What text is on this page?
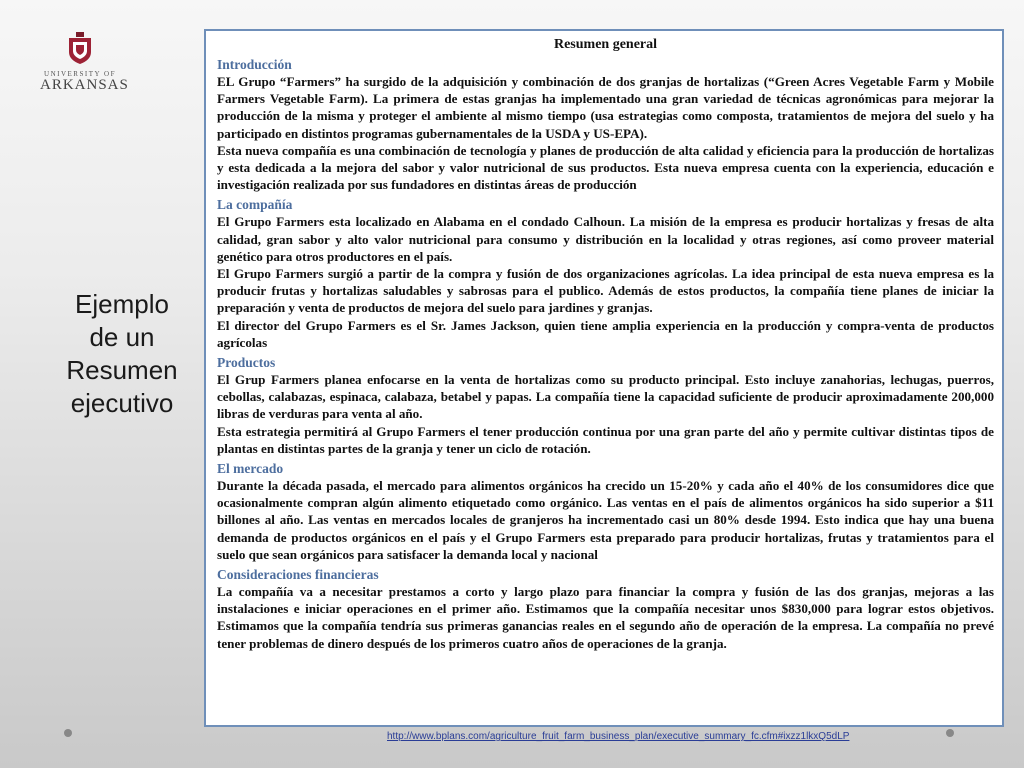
UNIVERSITY OF
ARKANSAS
Ejemplo
de un
Resumen
ejecutivo
Resumen general
Introducción

EL Grupo “Farmers” ha surgido de la adquisición y combinación de dos granjas de hortalizas (“Green Acres Vegetable Farm y Mobile Farmers Vegetable Farm). La primera de estas granjas ha implementado una gran variedad de técnicas agronómicas para mejorar la producción de la misma y proteger el ambiente al mismo tiempo (usa estrategias como composta, tratamientos de mejora del suelo y ha participado en distintos programas gubernamentales de la USDA y US-EPA).

Esta nueva compañía es una combinación de tecnología y planes de producción de alta calidad y eficiencia para la producción de hortalizas y esta dedicada a la mejora del sabor y valor nutricional de sus productos. Esta nueva empresa cuenta con la experiencia, educación e investigación realizada por sus fundadores en distintas áreas de producción

La compañía

El Grupo Farmers esta localizado en Alabama en el condado Calhoun. La misión de la empresa es producir hortalizas y fresas de alta calidad, gran sabor y alto valor nutricional para consumo y distribución en la localidad y otras regiones, así como proveer material genético para otros productores en el país.

El Grupo Farmers surgió a partir de la compra y fusión de dos organizaciones agrícolas. La idea principal de esta nueva empresa es la producir frutas y hortalizas saludables y sabrosas para el publico. Además de estos productos, la compañía tiene planes de iniciar la preparación y venta de productos de mejora del suelo para jardines y granjas.

El director del Grupo Farmers es el Sr. James Jackson, quien tiene amplia experiencia en la producción y compra-venta de productos agrícolas

Productos

El Grup Farmers planea enfocarse en la venta de hortalizas como su producto principal. Esto incluye zanahorias, lechugas, puerros, cebollas, calabazas, espinaca, calabaza, betabel y papas. La compañía tiene la capacidad suficiente de producir aproximadamente 200,000 libras de verduras para venta al año.

Esta estrategia permitirá al Grupo Farmers el tener producción continua por una gran parte del año y permite cultivar distintas tipos de plantas en distintas partes de la granja y tener un ciclo de rotación.

El mercado

Durante la década pasada, el mercado para alimentos orgánicos ha crecido un 15-20% y cada año el 40% de los consumidores dice que ocasionalmente compran algún alimento etiquetado como orgánico. Las ventas en el país de alimentos orgánicos ha sido superior a $11 billones al año. Las ventas en mercados locales de granjeros ha incrementado casi un 80% desde 1994. Esto indica que hay una buena demanda de productos orgánicos en el país y el Grupo Farmers esta preparado para producir hortalizas, frutas y tratamientos para el suelo que sean orgánicos para satisfacer la demanda local y nacional

Consideraciones financieras

La compañía va a necesitar prestamos a corto y largo plazo para financiar la compra y fusión de las dos granjas, mejoras a las instalaciones e iniciar operaciones en el primer año. Estimamos que la compañía necesitar unos $830,000 para lograr estos objetivos. Estimamos que la compañía tendría sus primeras ganancias reales en el segundo año de operación de la empresa. La compañía no prevé tener problemas de dinero después de los primeros cuatro años de operaciones de la granja.

http://www.bplans.com/agriculture_fruit_farm_business_plan/executive_summary_fc.cfm#ixzz1lkxQ5dLP
